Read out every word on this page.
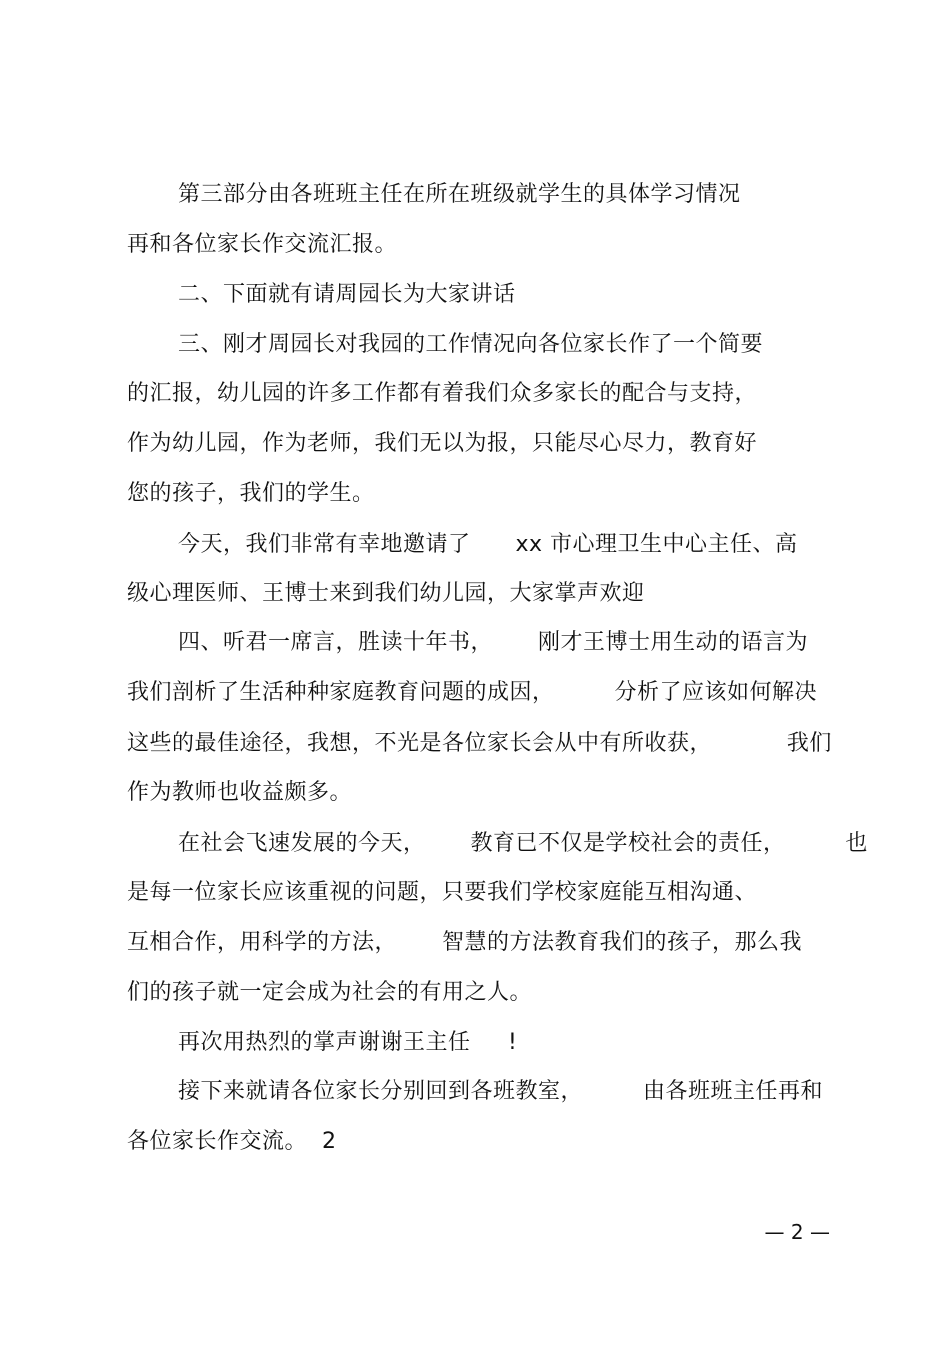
第三部分由各班班主任在所在班级就学生的具体学习情况
再和各位家长作交流汇报。
二、下面就有请周园长为大家讲话
三、刚才周园长对我园的工作情况向各位家长作了一个简要
的汇报，幼儿园的许多工作都有着我们众多家长的配合与支持，
作为幼儿园，作为老师，我们无以为报，只能尽心尽力，教育好
您的孩子，我们的学生。
今天，我们非常有幸地邀请了      xx 市心理卫生中心主任、高
级心理医师、王博士来到我们幼儿园，大家掌声欢迎
四、听君一席言，胜读十年书，      刚才王博士用生动的语言为
我们剖析了生活种种家庭教育问题的成因，        分析了应该如何解决
这些的最佳途径，我想，不光是各位家长会从中有所收获，          我们
作为教师也收益颇多。
在社会飞速发展的今天，      教育已不仅是学校社会的责任，        也
是每一位家长应该重视的问题，只要我们学校家庭能互相沟通、
互相合作，用科学的方法，      智慧的方法教育我们的孩子，那么我
们的孩子就一定会成为社会的有用之人。
再次用热烈的掌声谢谢王主任     !
接下来就请各位家长分别回到各班教室，        由各班班主任再和
各位家长作交流。  2
— 2 —
